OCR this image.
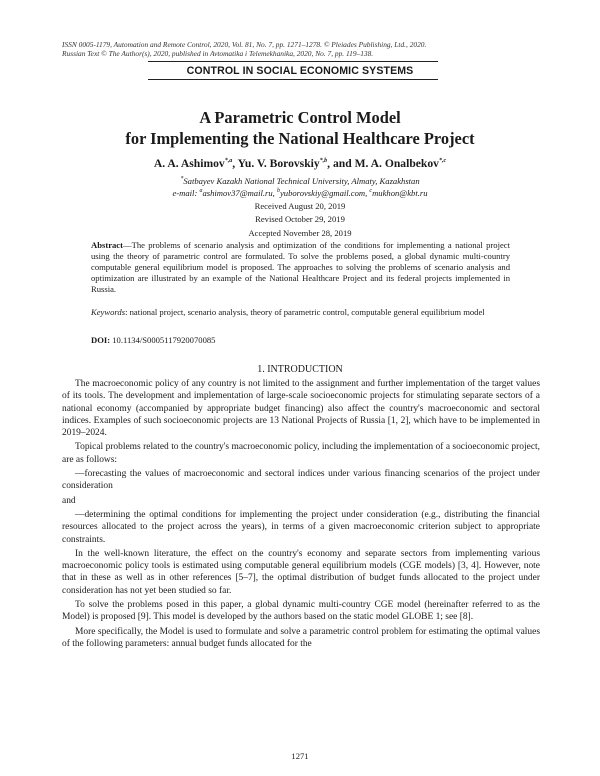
ISSN 0005-1179, Automation and Remote Control, 2020, Vol. 81, No. 7, pp. 1271–1278. © Pleiades Publishing, Ltd., 2020.
Russian Text © The Author(s), 2020, published in Avtomatika i Telemekhanika, 2020, No. 7, pp. 119–138.
CONTROL IN SOCIAL ECONOMIC SYSTEMS
A Parametric Control Model
for Implementing the National Healthcare Project
A. A. Ashimov$^{*,a}$, Yu. V. Borovskiy$^{*,b}$, and M. A. Onalbekov$^{*,c}$
*Satbayev Kazakh National Technical University, Almaty, Kazakhstan
e-mail: $^a$ashimov37@mail.ru, $^b$yuborovskiy@gmail.com, $^c$mukhon@kbt.ru
Received August 20, 2019
Revised October 29, 2019
Accepted November 28, 2019
Abstract—The problems of scenario analysis and optimization of the conditions for implementing a national project using the theory of parametric control are formulated. To solve the problems posed, a global dynamic multi-country computable general equilibrium model is proposed. The approaches to solving the problems of scenario analysis and optimization are illustrated by an example of the National Healthcare Project and its federal projects implemented in Russia.
Keywords: national project, scenario analysis, theory of parametric control, computable general equilibrium model
DOI: 10.1134/S0005117920070085
1. INTRODUCTION

The macroeconomic policy of any country is not limited to the assignment and further implementation of the target values of its tools. The development and implementation of large-scale socioeconomic projects for stimulating separate sectors of a national economy (accompanied by appropriate budget financing) also affect the country's macroeconomic and sectoral indices. Examples of such socioeconomic projects are 13 National Projects of Russia [1, 2], which have to be implemented in 2019–2024.

Topical problems related to the country's macroeconomic policy, including the implementation of a socioeconomic project, are as follows:

—forecasting the values of macroeconomic and sectoral indices under various financing scenarios of the project under consideration

and

—determining the optimal conditions for implementing the project under consideration (e.g., distributing the financial resources allocated to the project across the years), in terms of a given macroeconomic criterion subject to appropriate constraints.

In the well-known literature, the effect on the country's economy and separate sectors from implementing various macroeconomic policy tools is estimated using computable general equilibrium models (CGE models) [3, 4]. However, note that in these as well as in other references [5–7], the optimal distribution of budget funds allocated to the project under consideration has not yet been studied so far.

To solve the problems posed in this paper, a global dynamic multi-country CGE model (hereinafter referred to as the Model) is proposed [9]. This model is developed by the authors based on the static model GLOBE 1; see [8].

More specifically, the Model is used to formulate and solve a parametric control problem for estimating the optimal values of the following parameters: annual budget funds allocated for the

1271
